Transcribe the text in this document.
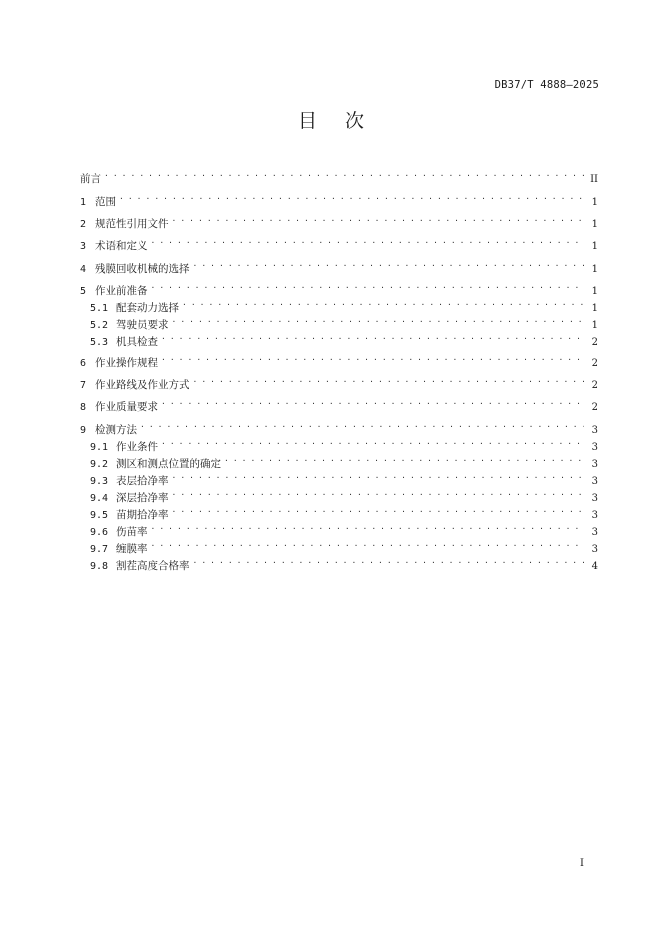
DB37/T 4888—2025
目次
前言 . . .	II
1 范围 . . .	1
2 规范性引用文件 . . .	1
3 术语和定义 . . .	1
4 残膜回收机械的选择 . . .	1
5 作业前准备 . . .	1
5.1 配套动力选择 . . .	1
5.2 驾驶员要求 . . .	1
5.3 机具检查 . . .	2
6 作业操作规程 . . .	2
7 作业路线及作业方式 . . .	2
8 作业质量要求 . . .	2
9 检测方法 . . .	3
9.1 作业条件 . . .	3
9.2 测区和测点位置的确定 . . .	3
9.3 表层拾净率 . . .	3
9.4 深层拾净率 . . .	3
9.5 苗期拾净率 . . .	3
9.6 伤苗率 . . .	3
9.7 缠膜率 . . .	3
9.8 割茬高度合格率 . . .	4
I
